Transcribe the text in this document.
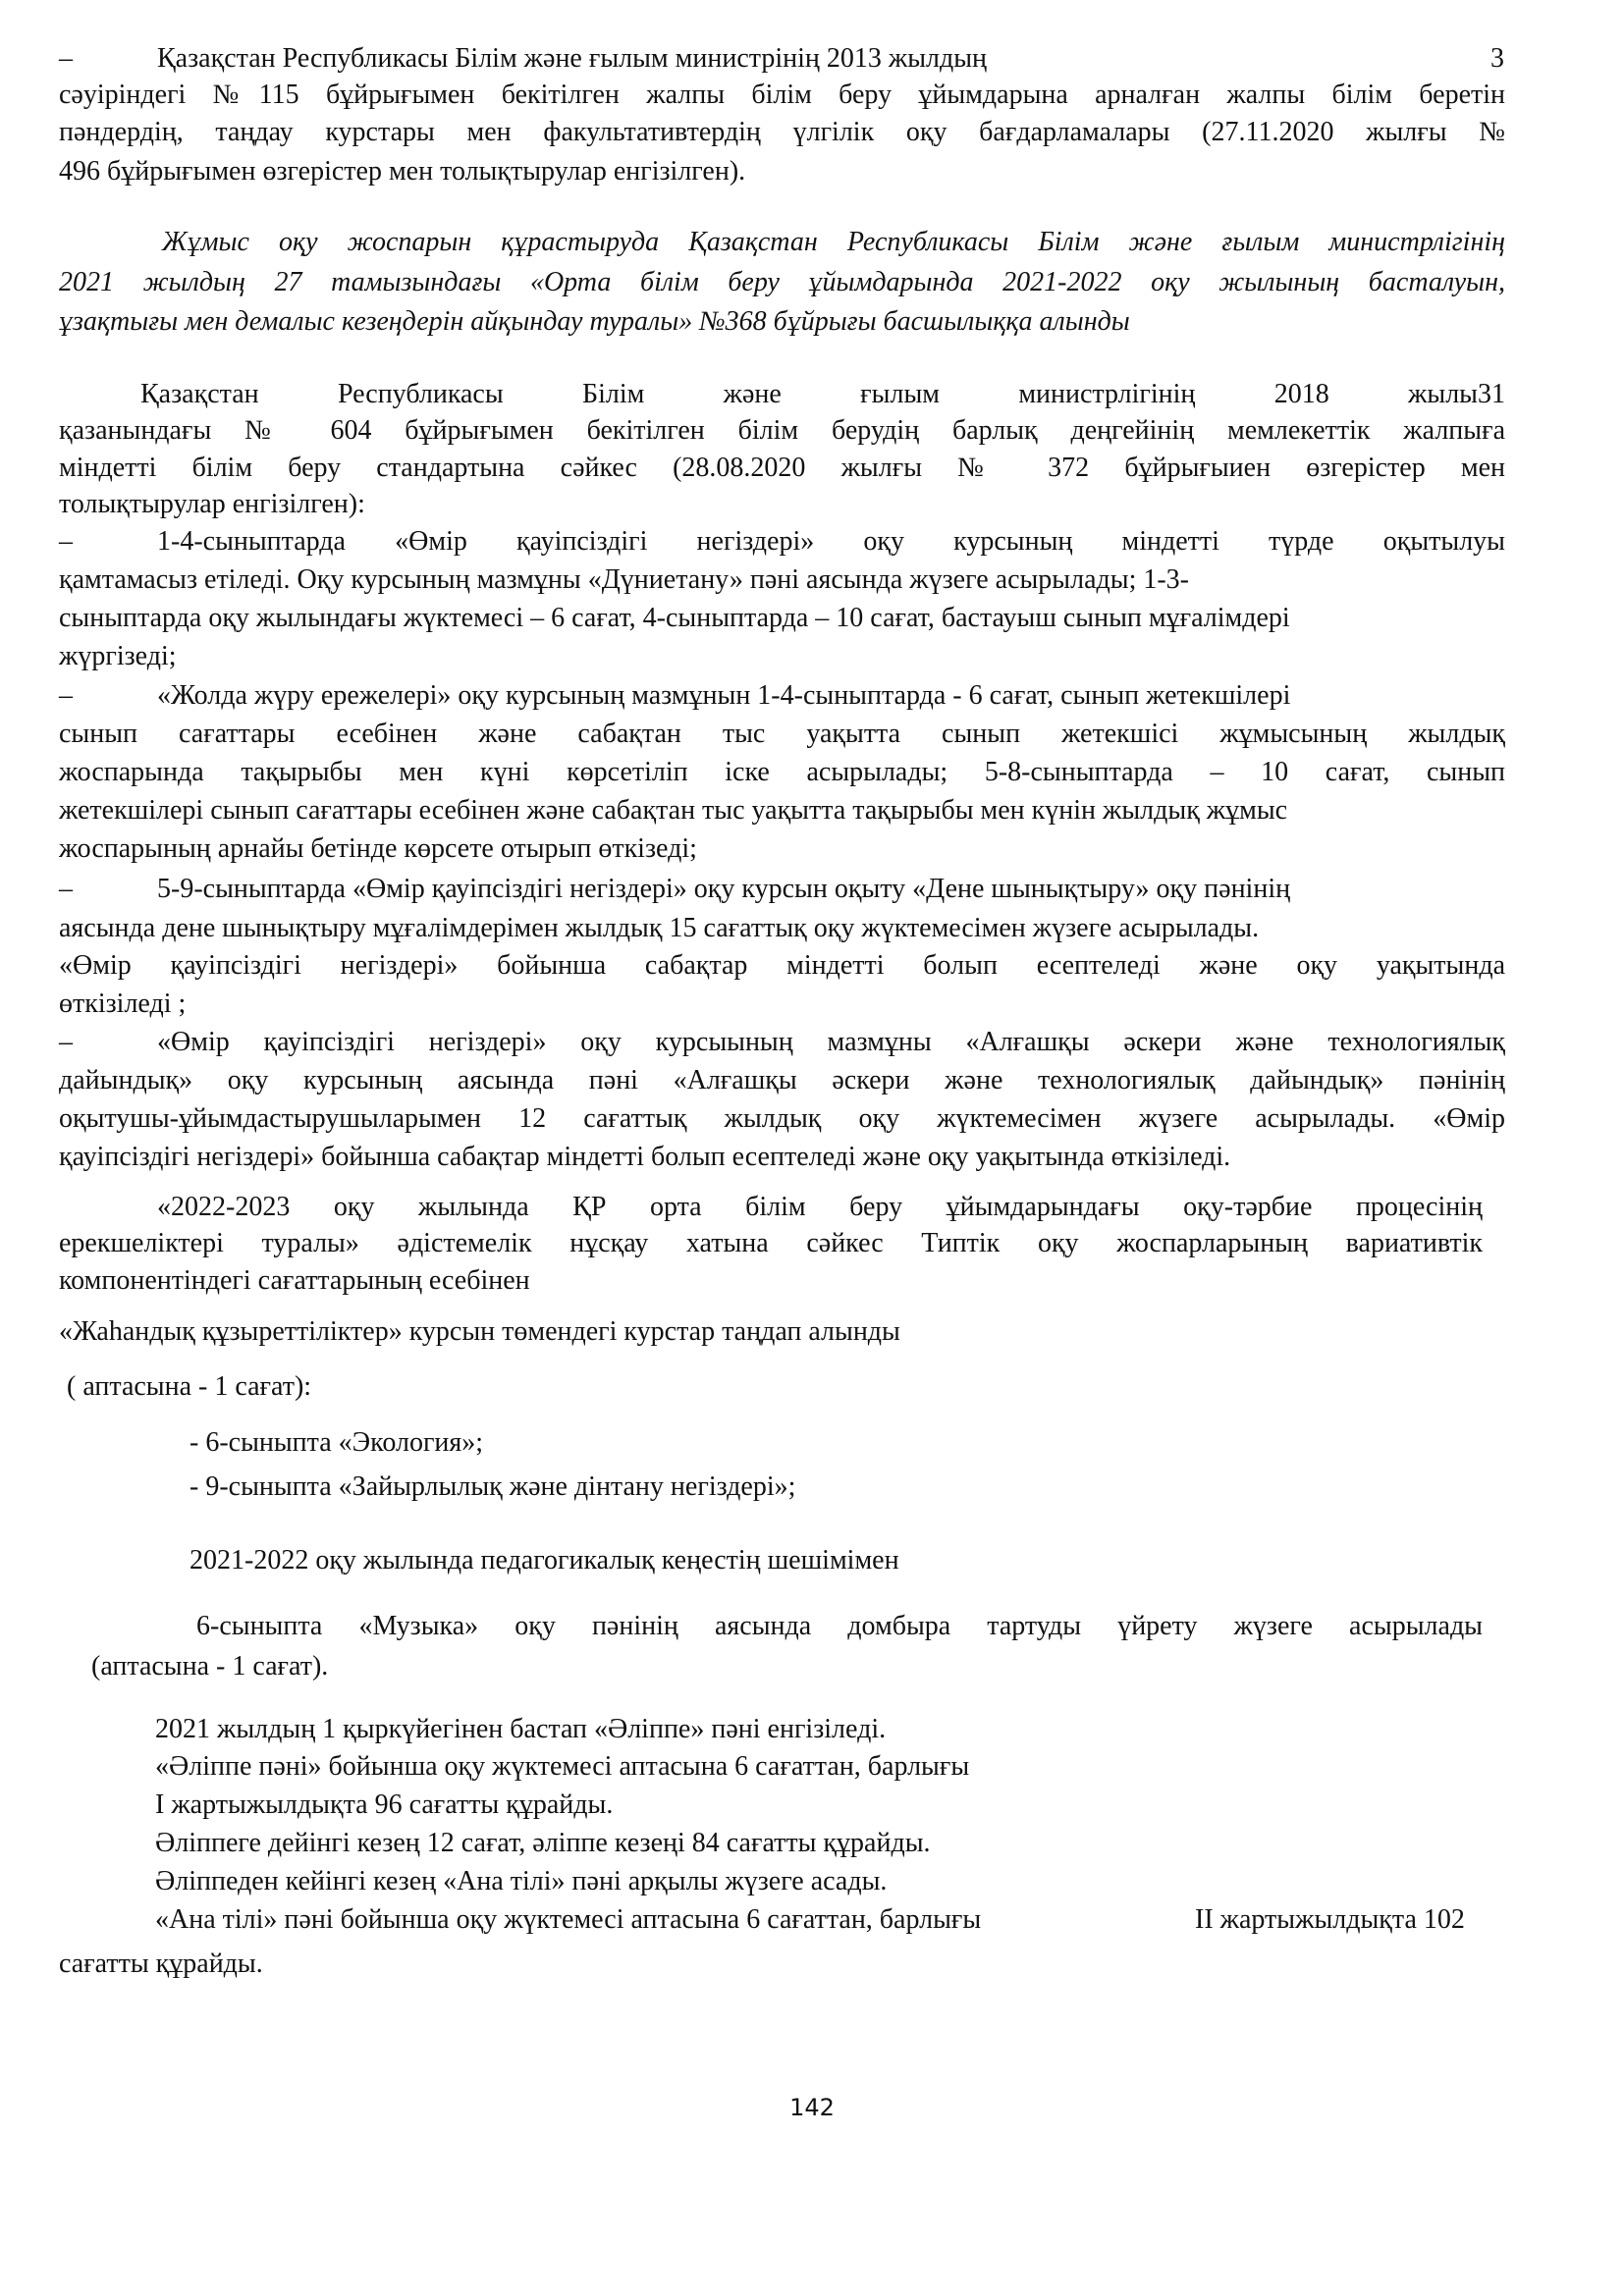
–	Қазақстан Республикасы Білім және ғылым министрінің 2013 жылдың	3
сәуіріндегі №115 бұйрығымен бекітілген жалпы білім беру ұйымдарына арналған жалпы білім беретін
пәндердің, таңдау курстары мен факультативтердің үлгілік оқу бағдарламалары (27.11.2020 жылғы №
496 бұйрығымен өзгерістер мен толықтырулар енгізілген).
Жұмыс оқу жоспарын құрастыруда Қазақстан Республикасы Білім және ғылым министрлігінің
2021 жылдың 27 тамызындағы «Орта білім беру ұйымдарында 2021-2022 оқу жылының басталуын,
ұзақтығы мен демалыс кезеңдерін айқындау туралы» №368 бұйрығы басшылыққа алынды
Қазақстан Республикасы Білім және ғылым министрлігінің 2018 жылы31
қазанындағы № 604 бұйрығымен бекітілген білім берудің барлық деңгейінің мемлекеттік жалпыға
міндетті білім беру стандартына сәйкес (28.08.2020 жылғы № 372 бұйрығыиен өзгерістер мен
толықтырулар енгізілген):
–	1-4-сыныптарда «Өмір қауіпсіздігі негіздері» оқу курсының міндетті түрде оқытылуы
қамтамасыз етіледі. Оқу курсының мазмұны «Дүниетану» пәні аясында жүзеге асырылады; 1-3-
сыныптарда оқу жылындағы жүктемесі – 6 сағат, 4-сыныптарда – 10 сағат, бастауыш сынып мұғалімдері
жүргізеді;
–	«Жолда жүру ережелері» оқу курсының мазмұнын 1-4-сыныптарда - 6 сағат, сынып жетекшілері
сынып сағаттары есебінен және сабақтан тыс уақытта сынып жетекшісі жұмысының жылдық
жоспарында тақырыбы мен күні көрсетіліп іске асырылады; 5-8-сыныптарда – 10 сағат, сынып
жетекшілері сынып сағаттары есебінен және сабақтан тыс уақытта тақырыбы мен күнін жылдық жұмыс
жоспарының арнайы бетінде көрсете отырып өткізеді;
–	5-9-сыныптарда «Өмір қауіпсіздігі негіздері» оқу курсын оқыту «Дене шынықтыру» оқу пәнінің
аясында дене шынықтыру мұғалімдерімен жылдық 15 сағаттық оқу жүктемесімен жүзеге асырылады.
«Өмір қауіпсіздігі негіздері» бойынша сабақтар міндетті болып есептеледі және оқу уақытында
өткізіледі ;
–	«Өмір қауіпсіздігі негіздері» оқу курсыының мазмұны «Алғашқы әскери және технологиялық
дайындық» оқу курсының аясында пәні «Алғашқы әскери және технологиялық дайындық» пәнінің
оқытушы-ұйымдастырушыларымен 12 сағаттық жылдық оқу жүктемесімен жүзеге асырылады. «Өмір
қауіпсіздігі негіздері» бойынша сабақтар міндетті болып есептеледі және оқу уақытында өткізіледі.
«2022-2023 оқу жылында ҚР орта білім беру ұйымдарындағы оқу-тәрбие процесінің
ерекшеліктері туралы» әдістемелік нұсқау хатына сәйкес Типтік оқу жоспарларының вариативтік
компонентіндегі сағаттарының есебінен
«Жаһандық құзыреттіліктер» курсын төмендегі курстар таңдап алынды
( аптасына - 1 сағат):
- 6-сыныпта «Экология»;
- 9-сыныпта «Зайырлылық және дінтану негіздері»;
2021-2022 оқу жылында педагогикалық кеңестің шешімімен
6-сыныпта «Музыка» оқу пәнінің аясында домбыра тартуды үйрету жүзеге асырылады
(аптасына - 1 сағат).
2021 жылдың 1 қыркүйегінен бастап «Әліппе» пәні енгізіледі.
«Әліппе пәні» бойынша оқу жүктемесі аптасына 6 сағаттан, барлығы
I жартыжылдықта 96 сағатты құрайды.
Әліппеге дейінгі кезең 12 сағат, әліппе кезеңі 84 сағатты құрайды.
Әліппеден кейінгі кезең «Ана тілі» пәні арқылы жүзеге асады.
«Ана тілі» пәні бойынша оқу жүктемесі аптасына 6 сағаттан, барлығы	II жартыжылдықта 102
сағатты құрайды.
142
